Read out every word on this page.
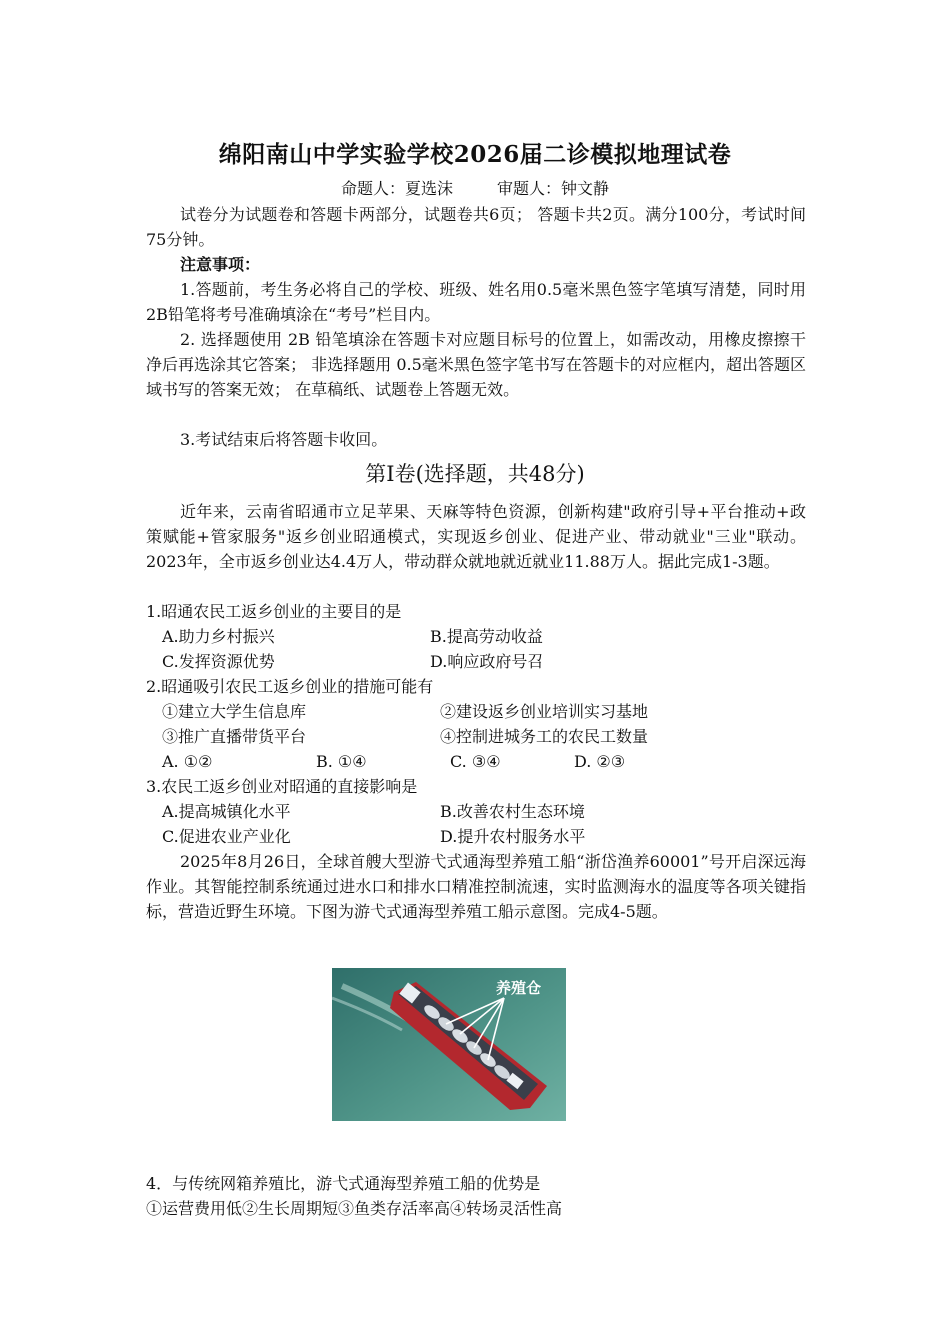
绵阳南山中学实验学校2026届二诊模拟地理试卷
命题人：夏选沫	审题人：钟文静
试卷分为试题卷和答题卡两部分，试题卷共6页； 答题卡共2页。满分100分，考试时间75分钟。
注意事项：
1.答题前，考生务必将自己的学校、班级、姓名用0.5毫米黑色签字笔填写清楚，同时用2B铅笔将考号准确填涂在“考号”栏目内。
2. 选择题使用 2B 铅笔填涂在答题卡对应题目标号的位置上，如需改动，用橡皮擦擦干净后再选涂其它答案； 非选择题用 0.5毫米黑色签字笔书写在答题卡的对应框内，超出答题区域书写的答案无效； 在草稿纸、试题卷上答题无效。
3.考试结束后将答题卡收回。
第Ⅰ卷(选择题，共48分)
近年来，云南省昭通市立足苹果、天麻等特色资源，创新构建"政府引导+平台推动+政策赋能+管家服务"返乡创业昭通模式，实现返乡创业、促进产业、带动就业"三业"联动。2023年，全市返乡创业达4.4万人，带动群众就地就近就业11.88万人。据此完成1-3题。
1.昭通农民工返乡创业的主要目的是
A.助力乡村振兴	B.提高劳动收益
C.发挥资源优势	D.响应政府号召
2.昭通吸引农民工返乡创业的措施可能有
①建立大学生信息库	②建设返乡创业培训实习基地
③推广直播带货平台	④控制进城务工的农民工数量
A. ①②	B. ①④	C. ③④	D. ②③
3.农民工返乡创业对昭通的直接影响是
A.提高城镇化水平	B.改善农村生态环境
C.促进农业产业化	D.提升农村服务水平
2025年8月26日，全球首艘大型游弋式通海型养殖工船“浙岱渔养60001”号开启深远海作业。其智能控制系统通过进水口和排水口精准控制流速，实时监测海水的温度等各项关键指标，营造近野生环境。下图为游弋式通海型养殖工船示意图。完成4-5题。
养殖仓
4．与传统网箱养殖比，游弋式通海型养殖工船的优势是
①运营费用低②生长周期短③鱼类存活率高④转场灵活性高
